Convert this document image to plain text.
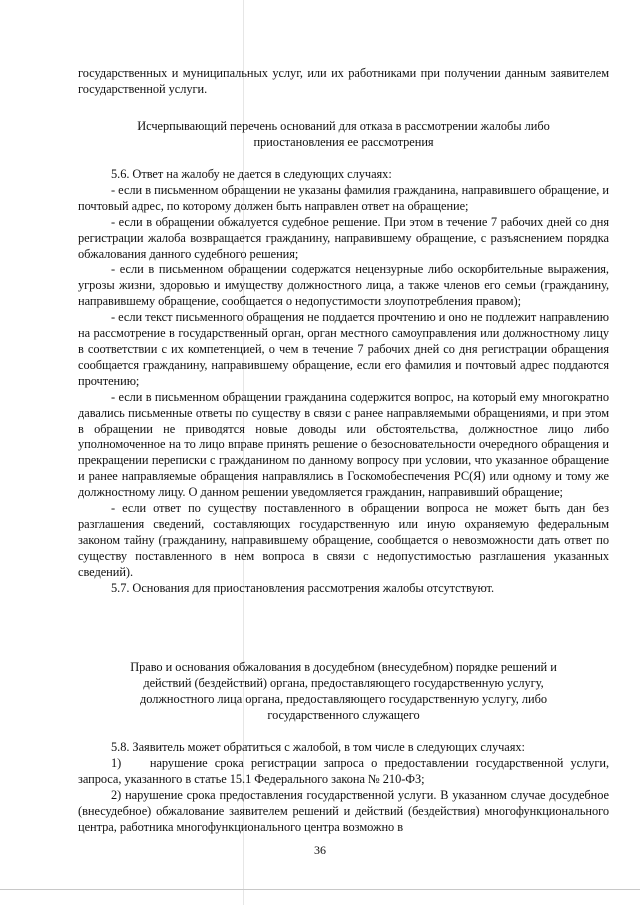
государственных и муниципальных услуг, или их работниками при получении данным заявителем государственной услуги.

Исчерпывающий перечень оснований для отказа в рассмотрении жалобы либо

приостановления ее рассмотрения

5.6. Ответ на жалобу не дается в следующих случаях:

- если в письменном обращении не указаны фамилия гражданина, направившего обращение, и почтовый адрес, по которому должен быть направлен ответ на обращение;

- если в обращении обжалуется судебное решение. При этом в течение 7 рабочих дней со дня регистрации жалоба возвращается гражданину, направившему обращение, с разъяснением порядка обжалования данного судебного решения;

- если в письменном обращении содержатся нецензурные либо оскорбительные выражения, угрозы жизни, здоровью и имуществу должностного лица, а также членов его семьи (гражданину, направившему обращение, сообщается о недопустимости злоупотребления правом);

- если текст письменного обращения не поддается прочтению и оно не подлежит направлению на рассмотрение в государственный орган, орган местного самоуправления или должностному лицу в соответствии с их компетенцией, о чем в течение 7 рабочих дней со дня регистрации обращения сообщается гражданину, направившему обращение, если его фамилия и почтовый адрес поддаются прочтению;

- если в письменном обращении гражданина содержится вопрос, на который ему многократно давались письменные ответы по существу в связи с ранее направляемыми обращениями, и при этом в обращении не приводятся новые доводы или обстоятельства, должностное лицо либо уполномоченное на то лицо вправе принять решение о безосновательности очередного обращения и прекращении переписки с гражданином по данному вопросу при условии, что указанное обращение и ранее направляемые обращения направлялись в Госкомобеспечения РС(Я) или одному и тому же должностному лицу. О данном решении уведомляется гражданин, направивший обращение;

- если ответ по существу поставленного в обращении вопроса не может быть дан без разглашения сведений, составляющих государственную или иную охраняемую федеральным законом тайну (гражданину, направившему обращение, сообщается о невозможности дать ответ по существу поставленного в нем вопроса в связи с недопустимостью разглашения указанных сведений).

5.7. Основания для приостановления рассмотрения жалобы отсутствуют.

Право и основания обжалования в досудебном (внесудебном) порядке решений и

действий (бездействий) органа, предоставляющего государственную услугу,

должностного лица органа, предоставляющего государственную услугу, либо

государственного служащего

5.8. Заявитель может обратиться с жалобой, в том числе в следующих случаях:

1)    нарушение срока регистрации запроса о предоставлении государственной услуги, запроса, указанного в статье 15.1 Федерального закона № 210-ФЗ;

2) нарушение срока предоставления государственной услуги. В указанном случае досудебное (внесудебное) обжалование заявителем решений и действий (бездействия) многофункционального центра, работника многофункционального центра возможно в

36
